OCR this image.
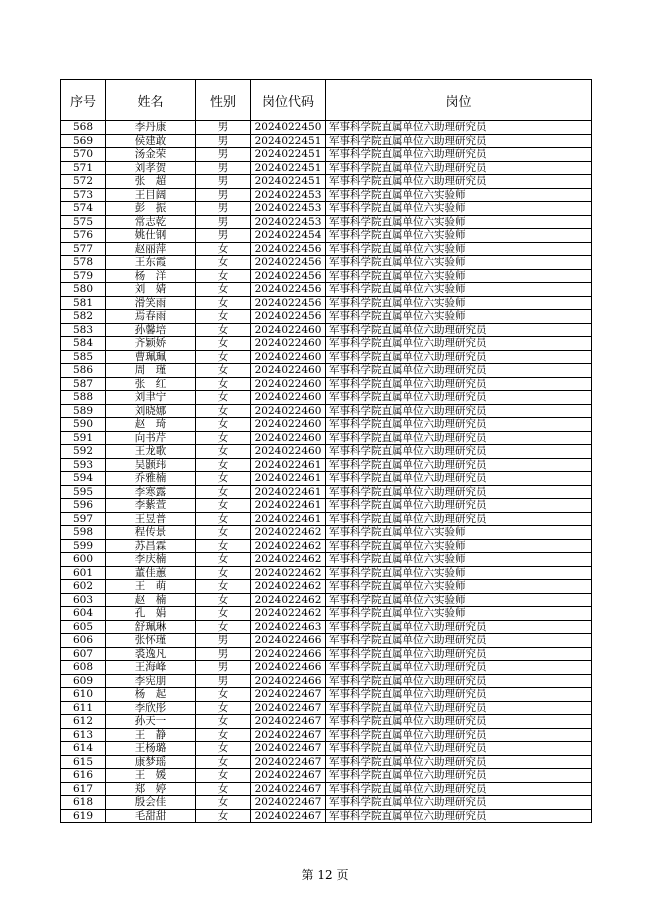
序号	姓名	性别	岗位代码	岗位
568	李丹康	男	2024022450	军事科学院直属单位六助理研究员
569	侯建敢	男	2024022451	军事科学院直属单位六助理研究员
570	汤金荣	男	2024022451	军事科学院直属单位六助理研究员
571	刘孝贺	男	2024022451	军事科学院直属单位六助理研究员
572	张　超	男	2024022451	军事科学院直属单位六助理研究员
573	王目阔	男	2024022453	军事科学院直属单位六实验师
574	彭　振	男	2024022453	军事科学院直属单位六实验师
575	常志乾	男	2024022453	军事科学院直属单位六实验师
576	姚仕钢	男	2024022454	军事科学院直属单位六实验师
577	赵丽萍	女	2024022456	军事科学院直属单位六实验师
578	王东霞	女	2024022456	军事科学院直属单位六实验师
579	杨　洋	女	2024022456	军事科学院直属单位六实验师
580	刘　婧	女	2024022456	军事科学院直属单位六实验师
581	滑笑雨	女	2024022456	军事科学院直属单位六实验师
582	焉春雨	女	2024022456	军事科学院直属单位六实验师
583	孙馨培	女	2024022460	军事科学院直属单位六助理研究员
584	齐颖娇	女	2024022460	军事科学院直属单位六助理研究员
585	曹珮珮	女	2024022460	军事科学院直属单位六助理研究员
586	周　瑾	女	2024022460	军事科学院直属单位六助理研究员
587	张　红	女	2024022460	军事科学院直属单位六助理研究员
588	刘聿宁	女	2024022460	军事科学院直属单位六助理研究员
589	刘晓娜	女	2024022460	军事科学院直属单位六助理研究员
590	赵　琦	女	2024022460	军事科学院直属单位六助理研究员
591	向书芹	女	2024022460	军事科学院直属单位六助理研究员
592	王龙歌	女	2024022460	军事科学院直属单位六助理研究员
593	吴颢玮	女	2024022461	军事科学院直属单位六助理研究员
594	乔雅楠	女	2024022461	军事科学院直属单位六助理研究员
595	李寒露	女	2024022461	军事科学院直属单位六助理研究员
596	李紫萱	女	2024022461	军事科学院直属单位六助理研究员
597	王昱普	女	2024022461	军事科学院直属单位六助理研究员
598	程传景	女	2024022462	军事科学院直属单位六实验师
599	苏昌霖	女	2024022462	军事科学院直属单位六实验师
600	李庆楠	女	2024022462	军事科学院直属单位六实验师
601	董佳蕙	女	2024022462	军事科学院直属单位六实验师
602	王　萌	女	2024022462	军事科学院直属单位六实验师
603	赵　楠	女	2024022462	军事科学院直属单位六实验师
604	孔　娟	女	2024022462	军事科学院直属单位六实验师
605	舒珮琳	女	2024022463	军事科学院直属单位六助理研究员
606	张怀瑾	男	2024022466	军事科学院直属单位六助理研究员
607	裘逸凡	男	2024022466	军事科学院直属单位六助理研究员
608	王海峰	男	2024022466	军事科学院直属单位六助理研究员
609	李宪朋	男	2024022466	军事科学院直属单位六助理研究员
610	杨　起	女	2024022467	军事科学院直属单位六助理研究员
611	李欣彤	女	2024022467	军事科学院直属单位六助理研究员
612	孙天一	女	2024022467	军事科学院直属单位六助理研究员
613	王　静	女	2024022467	军事科学院直属单位六助理研究员
614	王杨璐	女	2024022467	军事科学院直属单位六助理研究员
615	康梦瑶	女	2024022467	军事科学院直属单位六助理研究员
616	王　媛	女	2024022467	军事科学院直属单位六助理研究员
617	郑　婷	女	2024022467	军事科学院直属单位六助理研究员
618	殷会佳	女	2024022467	军事科学院直属单位六助理研究员
619	毛甜甜	女	2024022467	军事科学院直属单位六助理研究员
第 12 页
